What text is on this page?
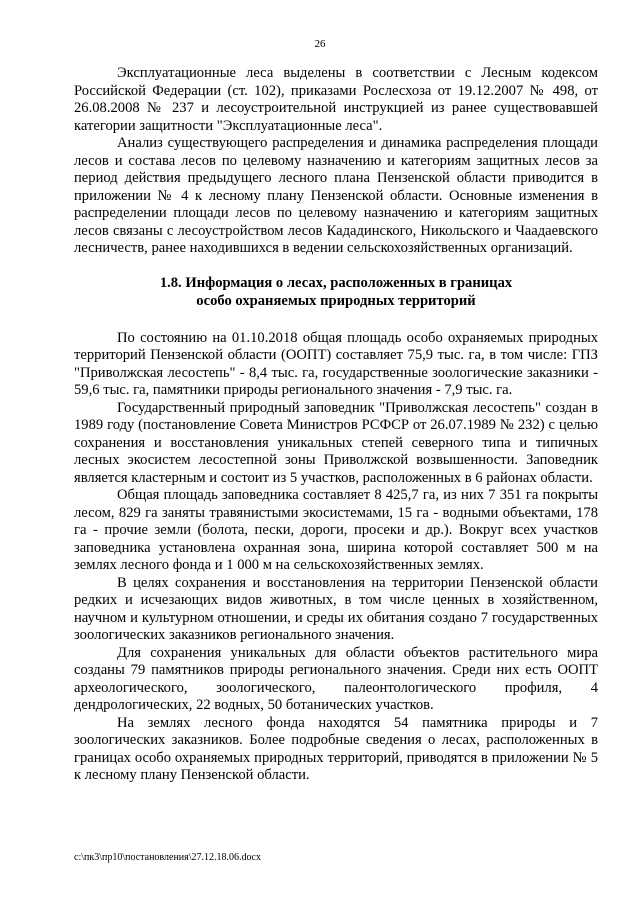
26

Эксплуатационные леса выделены в соответствии с Лесным кодексом Российской Федерации (ст. 102), приказами Рослесхоза от 19.12.2007 № 498, от 26.08.2008 № 237 и лесоустроительной инструкцией из ранее существовавшей категории защитности "Эксплуатационные леса".

Анализ существующего распределения и динамика распределения площади лесов и состава лесов по целевому назначению и категориям защитных лесов за период действия предыдущего лесного плана Пензенской области приводится в приложении № 4 к лесному плану Пензенской области. Основные изменения в распределении площади лесов по целевому назначению и категориям защитных лесов связаны с лесоустройством лесов Кададинского, Никольского и Чаадаевского лесничеств, ранее находившихся в ведении сельскохозяйственных организаций.

1.8. Информация о лесах, расположенных в границах

особо охраняемых природных территорий

По состоянию на 01.10.2018 общая площадь особо охраняемых природных территорий Пензенской области (ООПТ) составляет 75,9 тыс. га, в том числе: ГПЗ "Приволжская лесостепь" - 8,4 тыс. га, государственные зоологические заказники - 59,6 тыс. га, памятники природы регионального значения - 7,9 тыс. га.

Государственный природный заповедник "Приволжская лесостепь" создан в 1989 году (постановление Совета Министров РСФСР от 26.07.1989 № 232) с целью сохранения и восстановления уникальных степей северного типа и типичных лесных экосистем лесостепной зоны Приволжской возвышенности. Заповедник является кластерным и состоит из 5 участков, расположенных в 6 районах области.

Общая площадь заповедника составляет 8 425,7 га, из них 7 351 га покрыты лесом, 829 га заняты травянистыми экосистемами, 15 га - водными объектами, 178 га - прочие земли (болота, пески, дороги, просеки и др.). Вокруг всех участков заповедника установлена охранная зона, ширина которой составляет 500 м на землях лесного фонда и 1 000 м на сельскохозяйственных землях.

В целях сохранения и восстановления на территории Пензенской области редких и исчезающих видов животных, в том числе ценных в хозяйственном, научном и культурном отношении, и среды их обитания создано 7 государственных зоологических заказников регионального значения.

Для сохранения уникальных для области объектов растительного мира созданы 79 памятников природы регионального значения. Среди них есть ООПТ археологического, зоологического, палеонтологического профиля, 4 дендрологических, 22 водных, 50 ботанических участков.

На землях лесного фонда находятся 54 памятника природы и 7 зоологических заказников. Более подробные сведения о лесах, расположенных в границах особо охраняемых природных территорий, приводятся в приложении № 5 к лесному плану Пензенской области.

c:\пк3\пр10\постановления\27.12.18.06.docx
